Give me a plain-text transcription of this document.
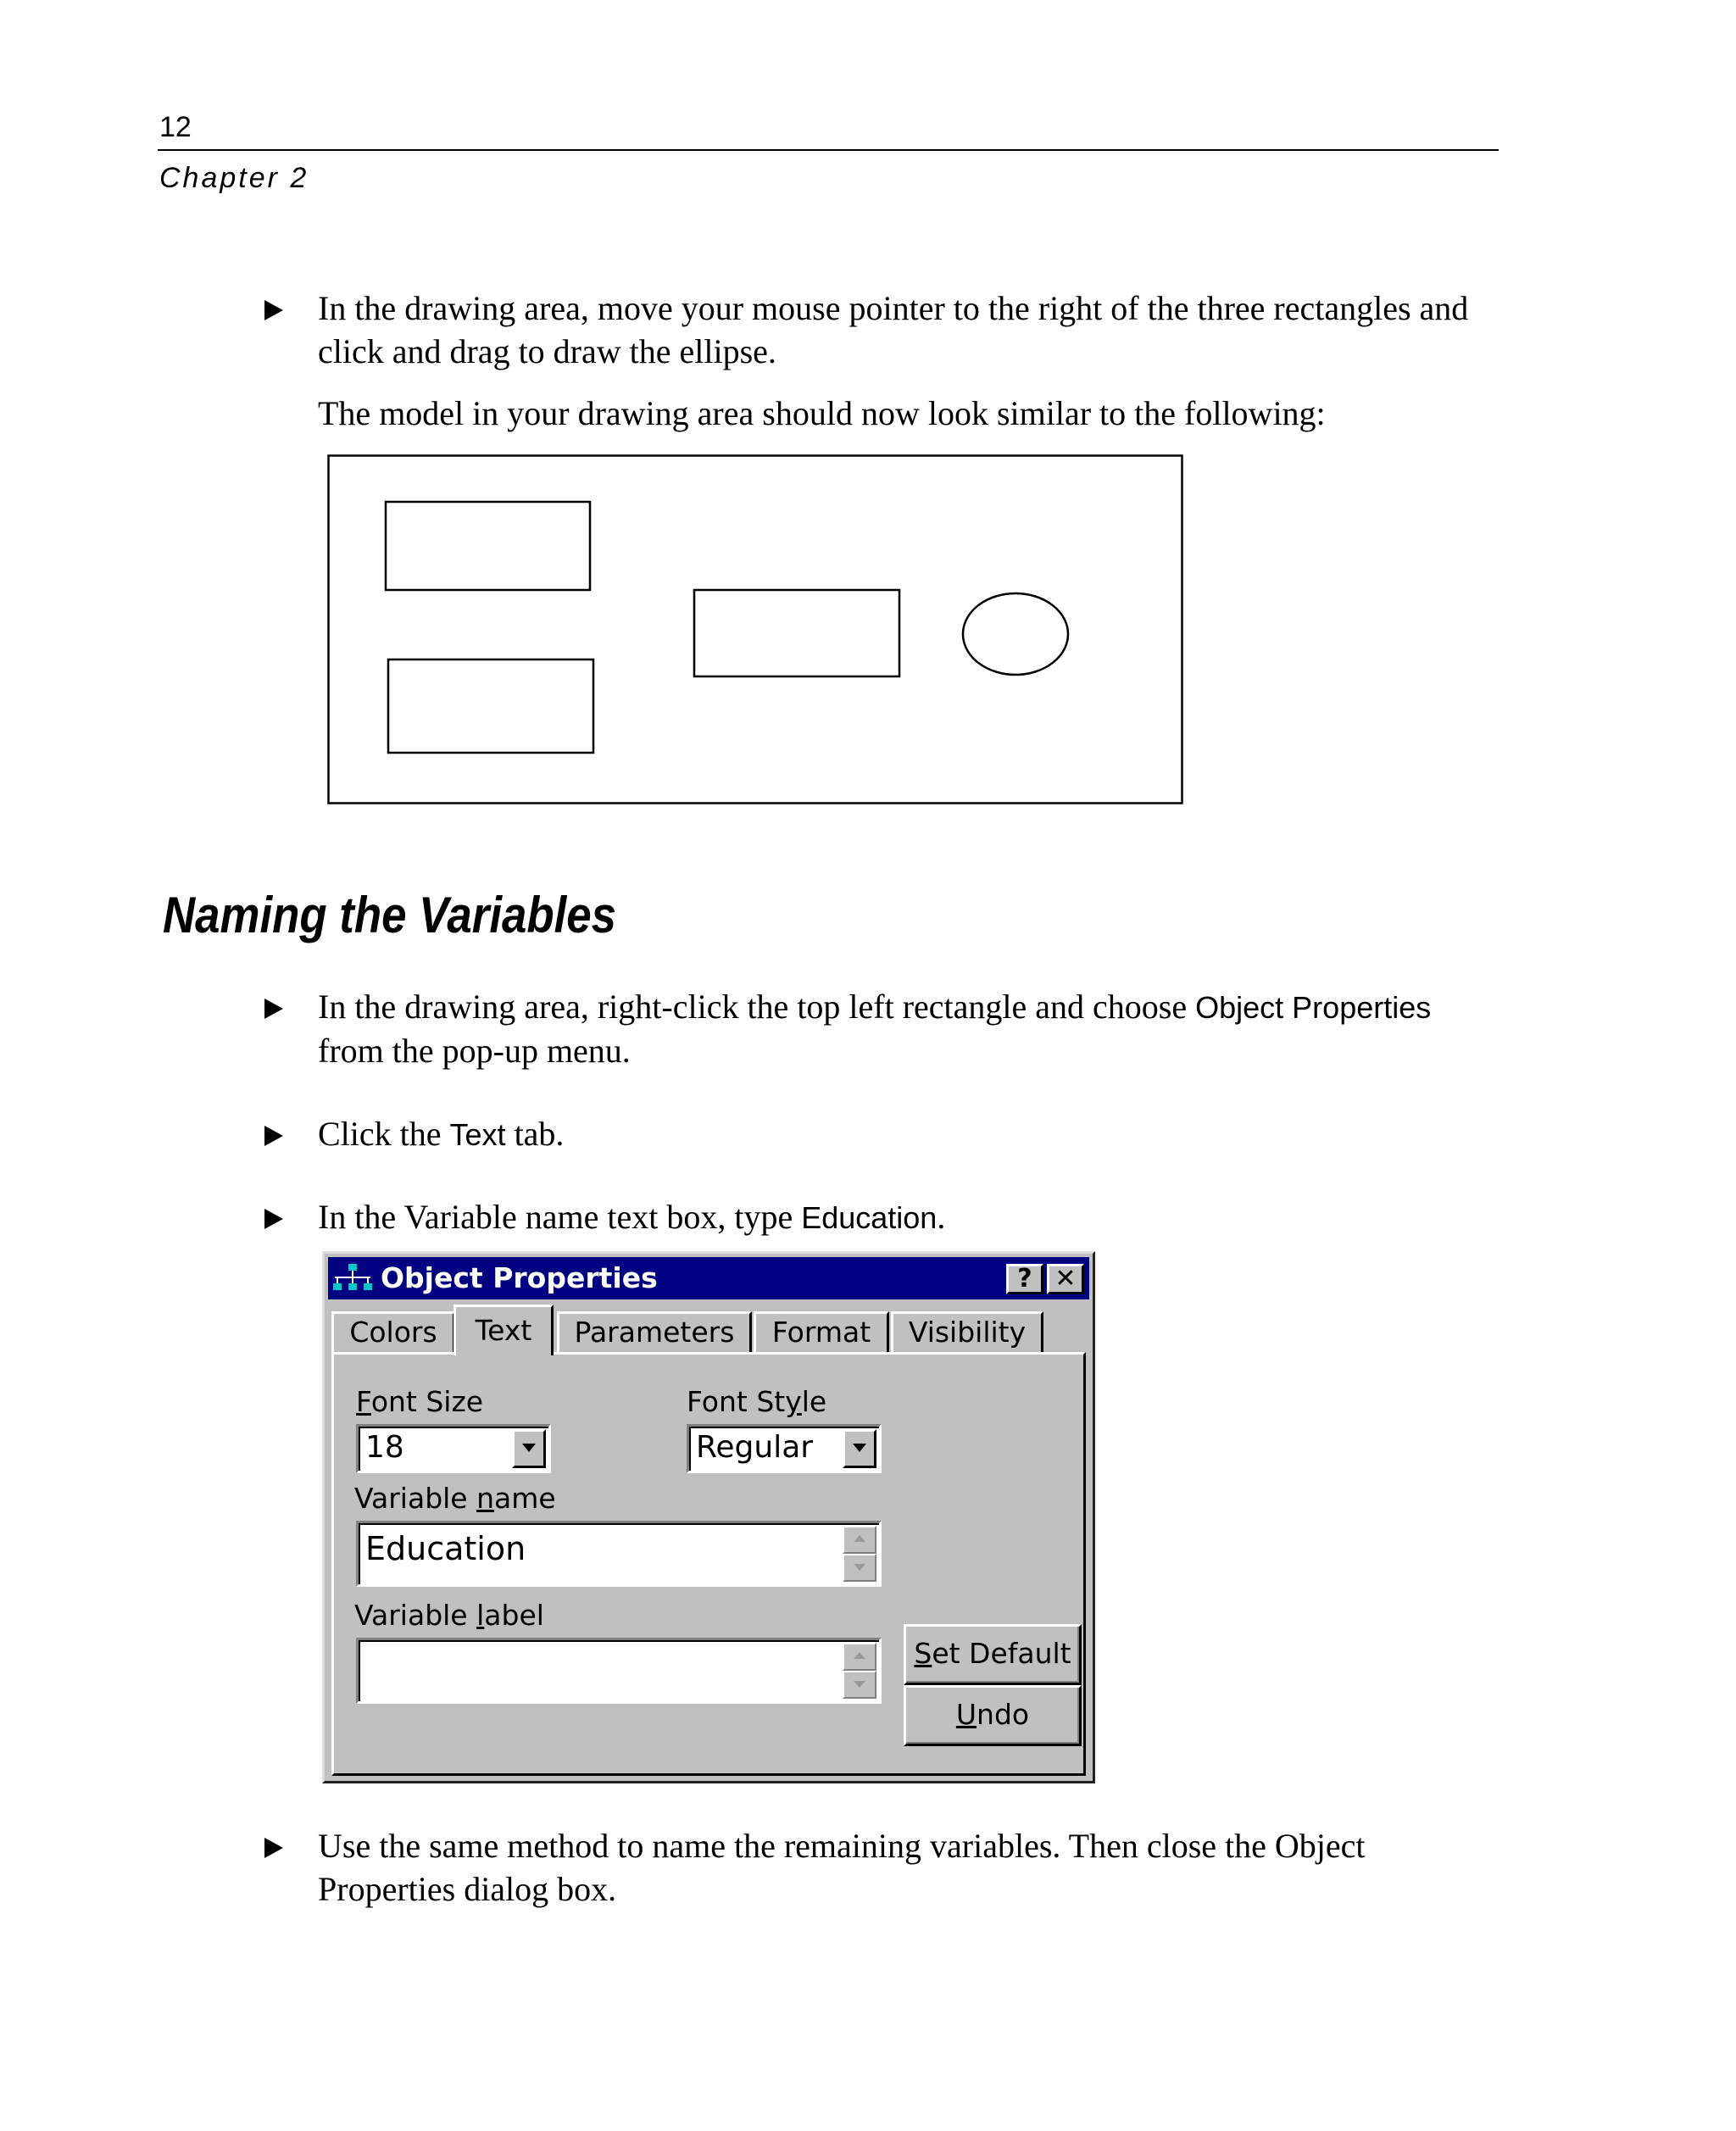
12
Chapter 2
In the drawing area, move your mouse pointer to the right of the three rectangles and click and drag to draw the ellipse.
The model in your drawing area should now look similar to the following:
Naming the Variables
In the drawing area, right-click the top left rectangle and choose Object Properties from the pop-up menu.
Click the Text tab.
In the Variable name text box, type Education.
Object Properties	? ✕
Colors	Text	Parameters	Format	Visibility
Font Size
18
Font Style
Regular
Variable name
Education
Variable label
Set Default
Undo
Use the same method to name the remaining variables. Then close the Object Properties dialog box.
